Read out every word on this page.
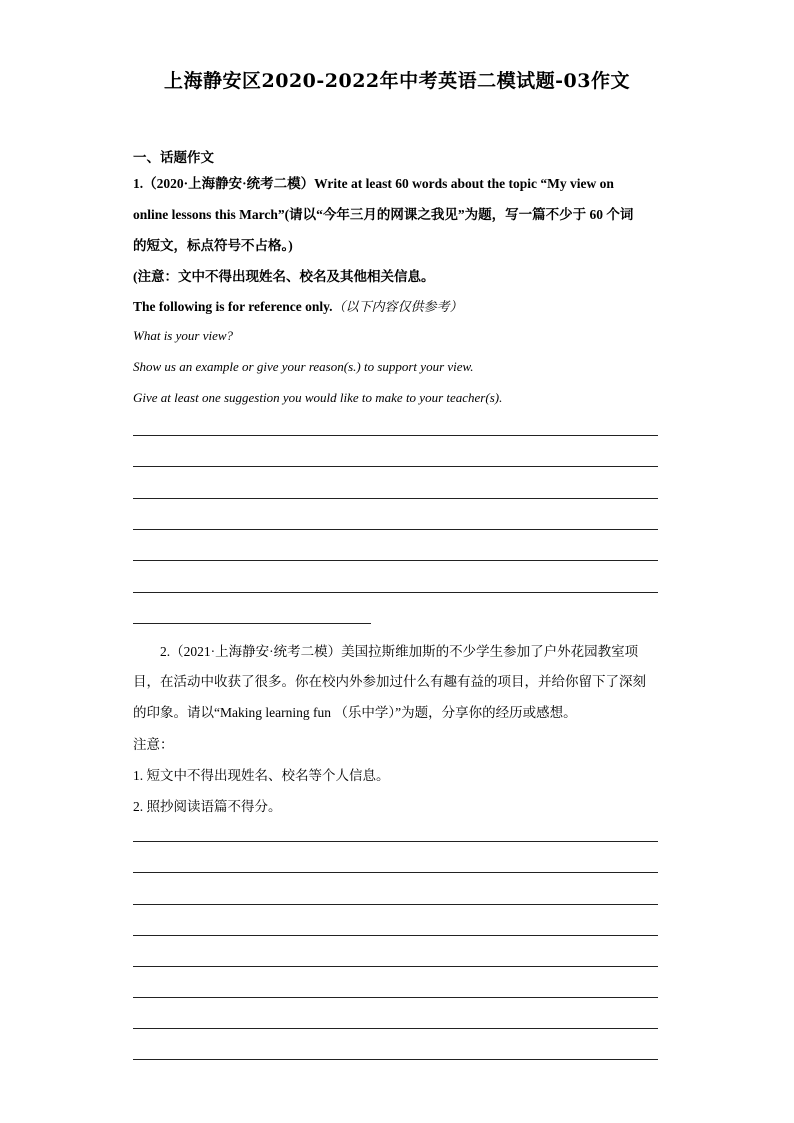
上海静安区2020-2022年中考英语二模试题-03作文
一、话题作文
1.（2020·上海静安·统考二模）Write at least 60 words about the topic “My view on
online lessons this March”(请以“今年三月的网课之我见”为题，写一篇不少于 60 个词
的短文，标点符号不占格。)
(注意：文中不得出现姓名、校名及其他相关信息。
The following is for reference only.（以下内容仅供参考）
What is your view?
Show us an example or give your reason(s.) to support your view.
Give at least one suggestion you would like to make to your teacher(s).
2.（2021·上海静安·统考二模）美国拉斯维加斯的不少学生参加了户外花园教室项
目，在活动中收获了很多。你在校内外参加过什么有趣有益的项目，并给你留下了深刻
的印象。请以“Making learning fun （乐中学）”为题，分享你的经历或感想。
注意：
1. 短文中不得出现姓名、校名等个人信息。
2. 照抄阅读语篇不得分。
